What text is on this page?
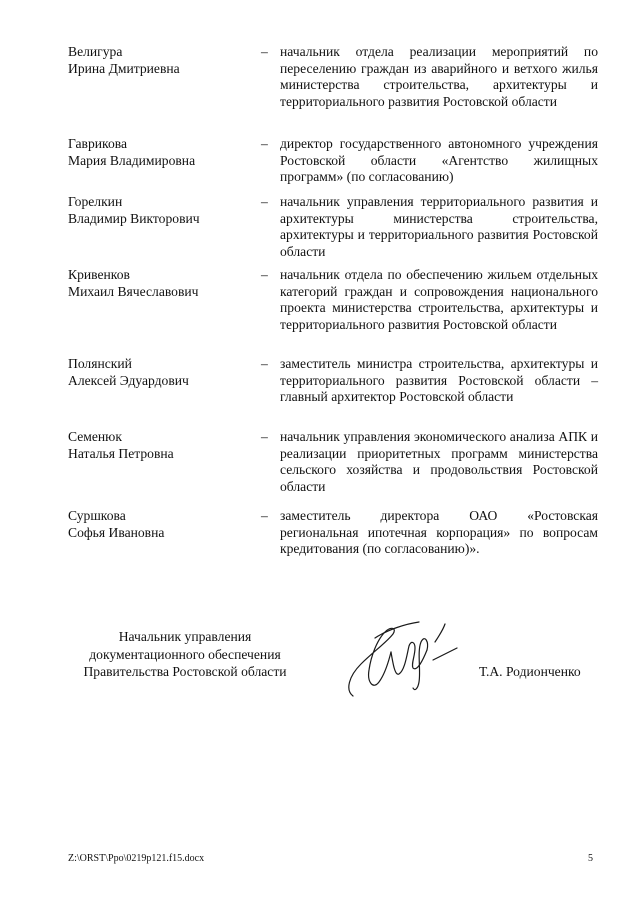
Велигура
Ирина Дмитриевна
– начальник отдела реализации мероприятий по переселению граждан из аварийного и ветхого жилья министерства строительства, архитектуры и территориального развития Ростовской области
Гаврикова
Мария Владимировна
– директор государственного автономного учреждения Ростовской области «Агентство жилищных программ» (по согласованию)
Горелкин
Владимир Викторович
– начальник управления территориального развития и архитектуры министерства строительства, архитектуры и территориального развития Ростовской области
Кривенков
Михаил Вячеславович
– начальник отдела по обеспечению жильем отдельных категорий граждан и сопровождения национального проекта министерства строительства, архитектуры и территориального развития Ростовской области
Полянский
Алексей Эдуардович
– заместитель министра строительства, архитектуры и территориального развития Ростовской области – главный архитектор Ростовской области
Семенюк
Наталья Петровна
– начальник управления экономического анализа АПК и реализации приоритетных программ министерства сельского хозяйства и продовольствия Ростовской области
Суршкова
Софья Ивановна
– заместитель директора ОАО «Ростовская региональная ипотечная корпорация» по вопросам кредитования (по согласованию)».
Начальник управления
документационного обеспечения
Правительства Ростовской области	Т.А. Родионченко
Z:\ORST\Ppo\0219p121.f15.docx	5
